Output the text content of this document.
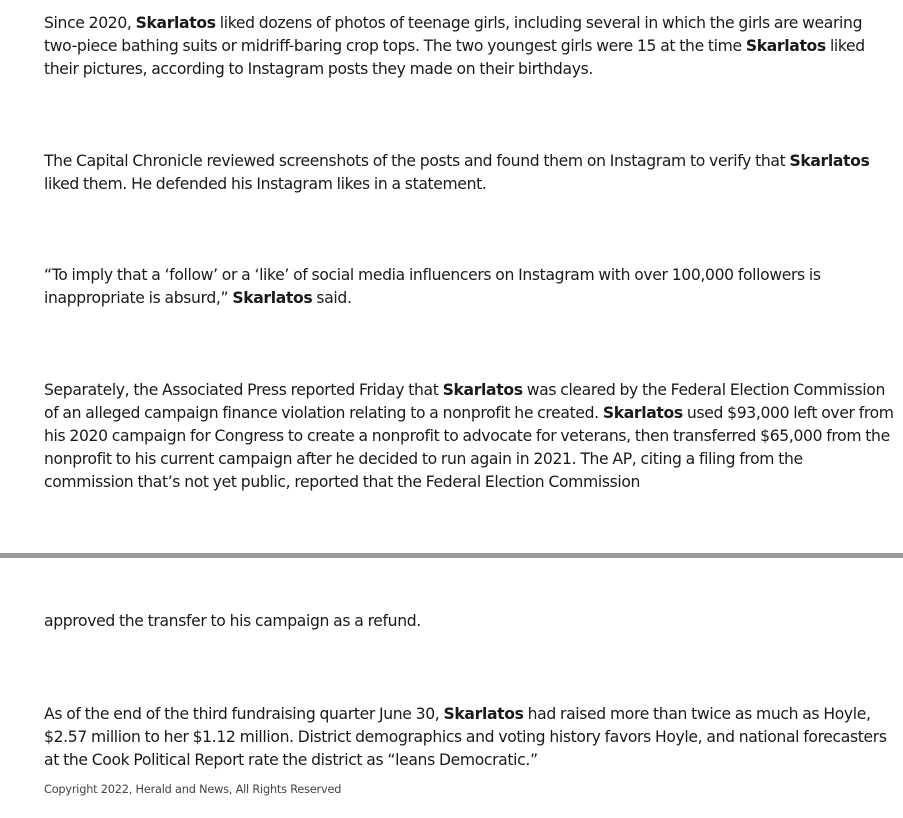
Since 2020, Skarlatos liked dozens of photos of teenage girls, including several in which the girls are wearing two-piece bathing suits or midriff-baring crop tops. The two youngest girls were 15 at the time Skarlatos liked their pictures, according to Instagram posts they made on their birthdays.

The Capital Chronicle reviewed screenshots of the posts and found them on Instagram to verify that Skarlatos liked them. He defended his Instagram likes in a statement.

“To imply that a ‘follow’ or a ‘like’ of social media influencers on Instagram with over 100,000 followers is inappropriate is absurd,” Skarlatos said.

Separately, the Associated Press reported Friday that Skarlatos was cleared by the Federal Election Commission of an alleged campaign finance violation relating to a nonprofit he created. Skarlatos used $93,000 left over from his 2020 campaign for Congress to create a nonprofit to advocate for veterans, then transferred $65,000 from the nonprofit to his current campaign after he decided to run again in 2021. The AP, citing a filing from the commission that’s not yet public, reported that the Federal Election Commission

approved the transfer to his campaign as a refund.

As of the end of the third fundraising quarter June 30, Skarlatos had raised more than twice as much as Hoyle, $2.57 million to her $1.12 million. District demographics and voting history favors Hoyle, and national forecasters at the Cook Political Report rate the district as “leans Democratic.”

Copyright 2022, Herald and News, All Rights Reserved
